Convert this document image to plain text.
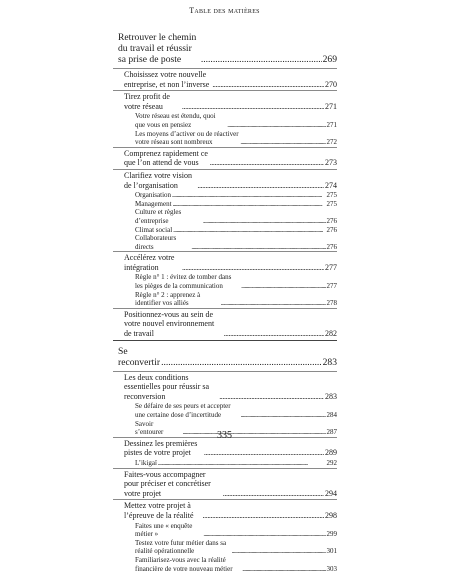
Table des matières
Retrouver le chemin du travail et réussir sa prise de poste . . .	269
Choisissez votre nouvelle entreprise, et non l’inverse . . .	270
Tirez profit de votre réseau . . .	271
Votre réseau est étendu, quoi que vous en pensiez . . .	271
Les moyens d’activer ou de réactiver votre réseau sont nombreux . . .	272
Comprenez rapidement ce que l’on attend de vous . . .	273
Clarifiez votre vision de l’organisation . . .	274
Organisation . . .	275
Management . . .	275
Culture et règles d’entreprise . . .	276
Climat social . . .	276
Collaborateurs directs . . .	276
Accélérez votre intégration . . .	277
Règle n° 1 : évitez de tomber dans les pièges de la communication . . .	277
Règle n° 2 : apprenez à identifier vos alliés . . .	278
Positionnez-vous au sein de votre nouvel environnement de travail . . .	282
Se reconvertir . . .	283
Les deux conditions essentielles pour réussir sa reconversion . . .	283
Se défaire de ses peurs et accepter une certaine dose d’incertitude . . .	284
Savoir s’entourer . . .	287
Dessinez les premières pistes de votre projet . . .	289
L’ikigaï . . .	292
Faites-vous accompagner pour préciser et concrétiser votre projet . . .	294
Mettez votre projet à l’épreuve de la réalité . . .	298
Faites une « enquête métier » . . .	299
Testez votre futur métier dans sa réalité opérationnelle . . .	301
Familiarisez-vous avec la réalité financière de votre nouveau métier . . .	303
335
